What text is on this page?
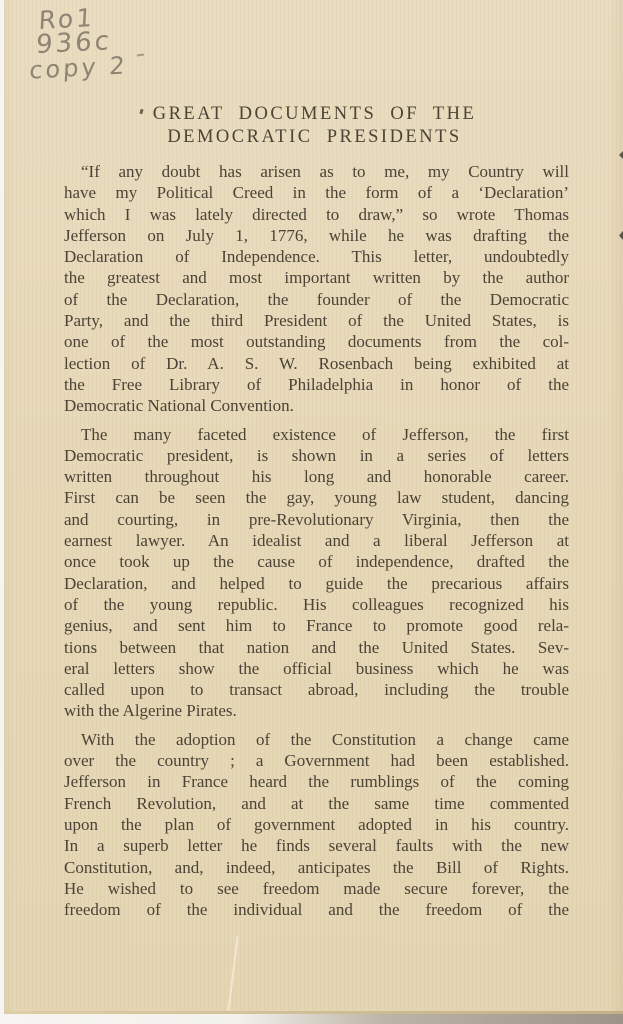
Ro1
936c
copy 2
GREAT DOCUMENTS OF THE
DEMOCRATIC PRESIDENTS
“If any doubt has arisen as to me, my Country will
have my Political Creed in the form of a ‘Declaration’
which I was lately directed to draw,” so wrote Thomas
Jefferson on July 1, 1776, while he was drafting the
Declaration of Independence. This letter, undoubtedly
the greatest and most important written by the author
of the Declaration, the founder of the Democratic
Party, and the third President of the United States, is
one of the most outstanding documents from the col-
lection of Dr. A. S. W. Rosenbach being exhibited at
the Free Library of Philadelphia in honor of the
Democratic National Convention.
The many faceted existence of Jefferson, the first
Democratic president, is shown in a series of letters
written throughout his long and honorable career.
First can be seen the gay, young law student, dancing
and courting, in pre-Revolutionary Virginia, then the
earnest lawyer. An idealist and a liberal Jefferson at
once took up the cause of independence, drafted the
Declaration, and helped to guide the precarious affairs
of the young republic. His colleagues recognized his
genius, and sent him to France to promote good rela-
tions between that nation and the United States. Sev-
eral letters show the official business which he was
called upon to transact abroad, including the trouble
with the Algerine Pirates.
With the adoption of the Constitution a change came
over the country ; a Government had been established.
Jefferson in France heard the rumblings of the coming
French Revolution, and at the same time commented
upon the plan of government adopted in his country.
In a superb letter he finds several faults with the new
Constitution, and, indeed, anticipates the Bill of Rights.
He wished to see freedom made secure forever, the
freedom of the individual and the freedom of the
